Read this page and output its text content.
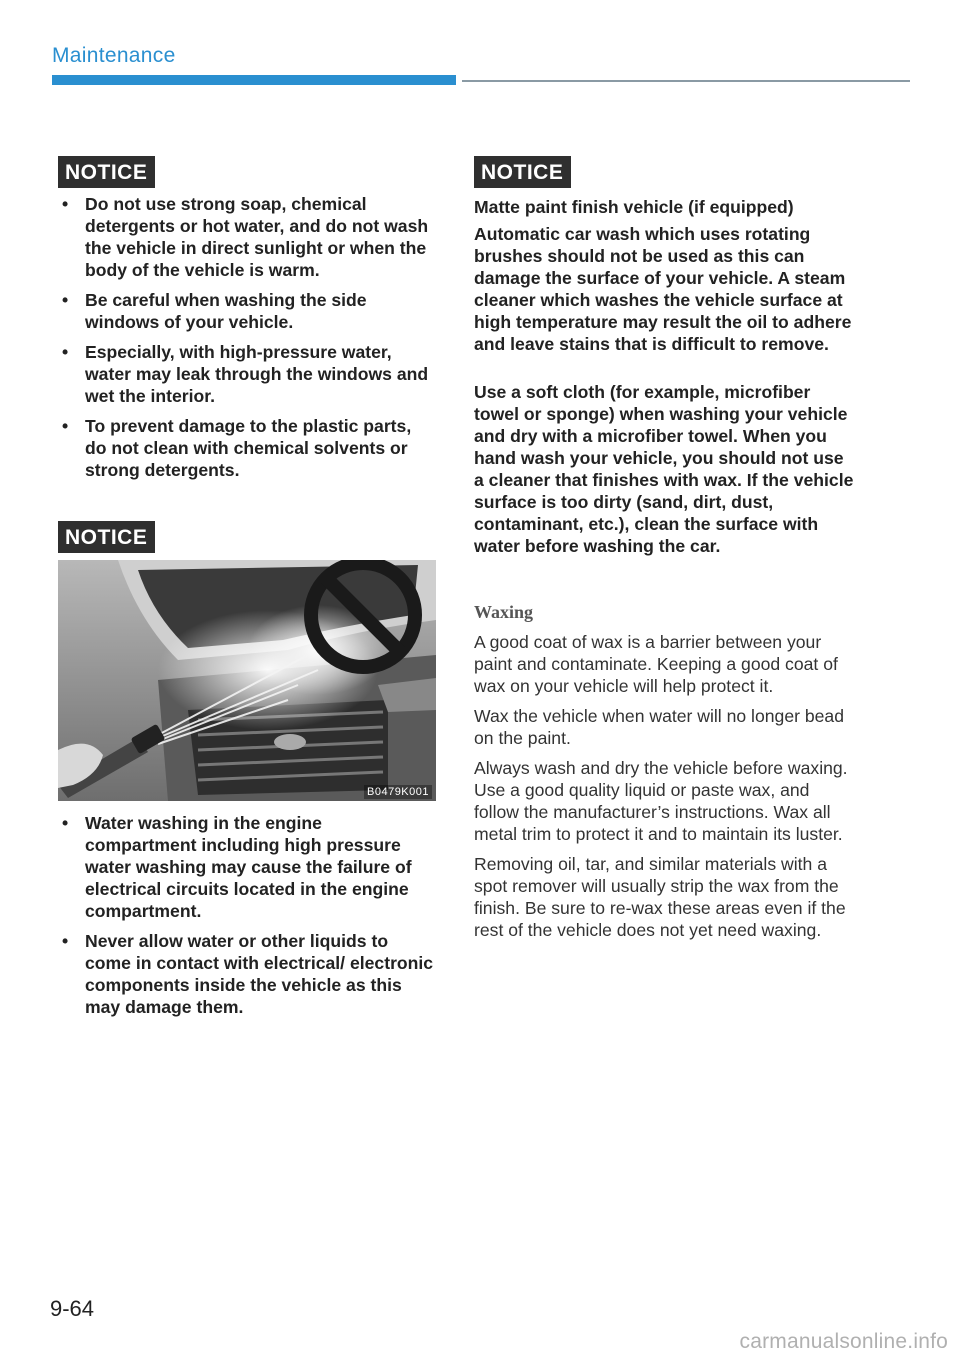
Maintenance
NOTICE
• Do not use strong soap, chemical detergents or hot water, and do not wash the vehicle in direct sunlight or when the body of the vehicle is warm.
• Be careful when washing the side windows of your vehicle.
• Especially, with high-pressure water, water may leak through the windows and wet the interior.
• To prevent damage to the plastic parts, do not clean with chemical solvents or strong detergents.
NOTICE
B0479K001
• Water washing in the engine compartment including high pressure water washing may cause the failure of electrical circuits located in the engine compartment.
• Never allow water or other liquids to come in contact with electrical/ electronic components inside the vehicle as this may damage them.
NOTICE

Matte paint finish vehicle (if equipped)

Automatic car wash which uses rotating brushes should not be used as this can damage the surface of your vehicle. A steam cleaner which washes the vehicle surface at high temperature may result the oil to adhere and leave stains that is difficult to remove.

Use a soft cloth (for example, microfiber towel or sponge) when washing your vehicle and dry with a microfiber towel. When you hand wash your vehicle, you should not use a cleaner that finishes with wax. If the vehicle surface is too dirty (sand, dirt, dust, contaminant, etc.), clean the surface with water before washing the car.

Waxing

A good coat of wax is a barrier between your paint and contaminate. Keeping a good coat of wax on your vehicle will help protect it.

Wax the vehicle when water will no longer bead on the paint.

Always wash and dry the vehicle before waxing. Use a good quality liquid or paste wax, and follow the manufacturer’s instructions. Wax all metal trim to protect it and to maintain its luster.

Removing oil, tar, and similar materials with a spot remover will usually strip the wax from the finish. Be sure to re-wax these areas even if the rest of the vehicle does not yet need waxing.

9-64
carmanualsonline.info
